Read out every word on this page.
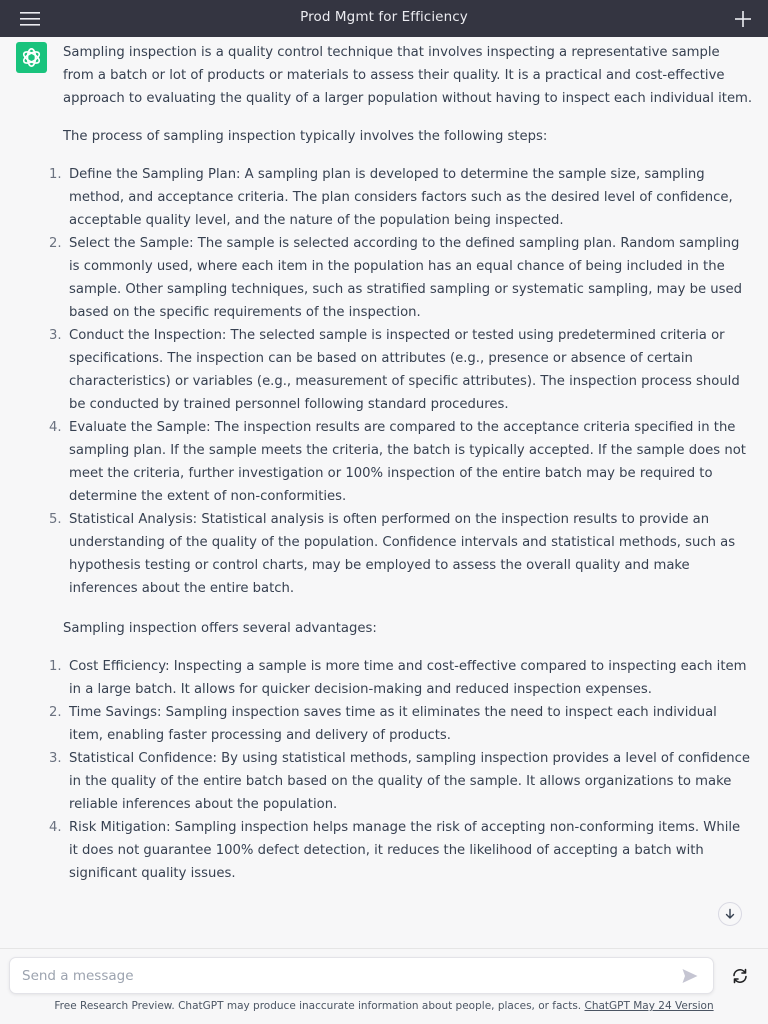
Prod Mgmt for Efficiency

Sampling inspection is a quality control technique that involves inspecting a representative sample from a batch or lot of products or materials to assess their quality. It is a practical and cost-effective approach to evaluating the quality of a larger population without having to inspect each individual item.

The process of sampling inspection typically involves the following steps:

1. Define the Sampling Plan: A sampling plan is developed to determine the sample size, sampling method, and acceptance criteria. The plan considers factors such as the desired level of confidence, acceptable quality level, and the nature of the population being inspected.
2. Select the Sample: The sample is selected according to the defined sampling plan. Random sampling is commonly used, where each item in the population has an equal chance of being included in the sample. Other sampling techniques, such as stratified sampling or systematic sampling, may be used based on the specific requirements of the inspection.
3. Conduct the Inspection: The selected sample is inspected or tested using predetermined criteria or specifications. The inspection can be based on attributes (e.g., presence or absence of certain characteristics) or variables (e.g., measurement of specific attributes). The inspection process should be conducted by trained personnel following standard procedures.
4. Evaluate the Sample: The inspection results are compared to the acceptance criteria specified in the sampling plan. If the sample meets the criteria, the batch is typically accepted. If the sample does not meet the criteria, further investigation or 100% inspection of the entire batch may be required to determine the extent of non-conformities.
5. Statistical Analysis: Statistical analysis is often performed on the inspection results to provide an understanding of the quality of the population. Confidence intervals and statistical methods, such as hypothesis testing or control charts, may be employed to assess the overall quality and make inferences about the entire batch.

Sampling inspection offers several advantages:

1. Cost Efficiency: Inspecting a sample is more time and cost-effective compared to inspecting each item in a large batch. It allows for quicker decision-making and reduced inspection expenses.
2. Time Savings: Sampling inspection saves time as it eliminates the need to inspect each individual item, enabling faster processing and delivery of products.
3. Statistical Confidence: By using statistical methods, sampling inspection provides a level of confidence in the quality of the entire batch based on the quality of the sample. It allows organizations to make reliable inferences about the population.
4. Risk Mitigation: Sampling inspection helps manage the risk of accepting non-conforming items. While it does not guarantee 100% defect detection, it reduces the likelihood of accepting a batch with significant quality issues.
Send a message
Free Research Preview. ChatGPT may produce inaccurate information about people, places, or facts. ChatGPT May 24 Version
